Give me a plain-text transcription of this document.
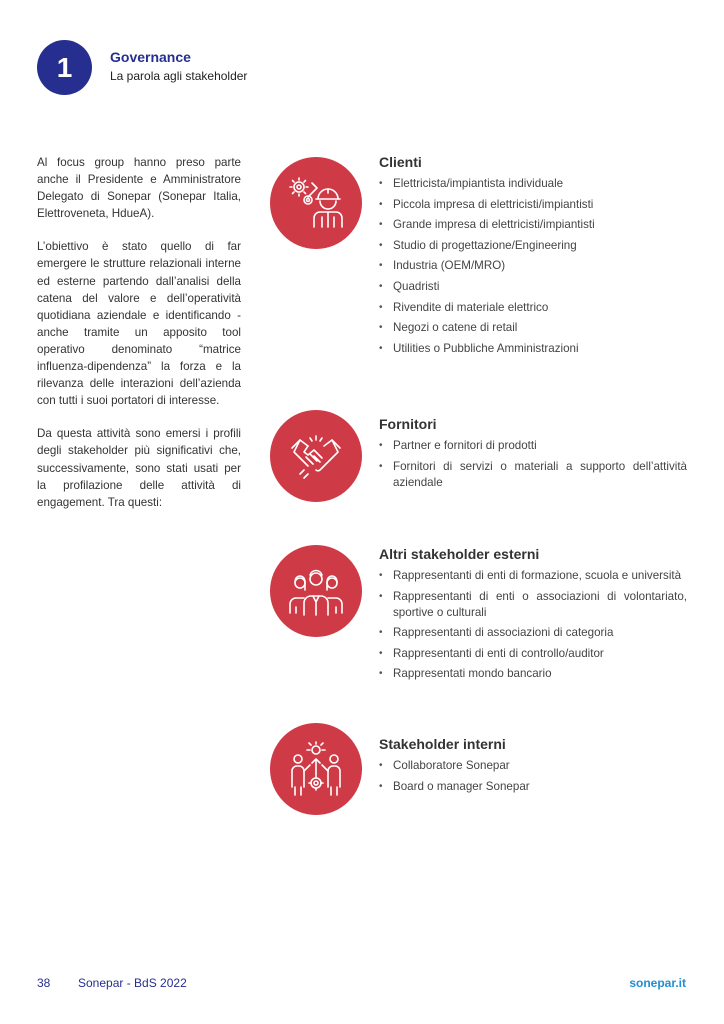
1	Governance
La parola agli stakeholder

Al focus group hanno preso parte anche il Presidente e Amministratore Delegato di Sonepar (Sonepar Italia, Elettroveneta, HdueA).

L’obiettivo è stato quello di far emergere le strutture relazionali interne ed esterne partendo dall’analisi della catena del valore e dell’operatività quotidiana aziendale e identificando - anche tramite un apposito tool operativo denominato “matrice influenza-dipendenza” la forza e la rilevanza delle interazioni dell’azienda con tutti i suoi portatori di interesse.

Da questa attività sono emersi i profili degli stakeholder più significativi che, successivamente, sono stati usati per la profilazione delle attività di engagement. Tra questi:

Clienti
• Elettricista/impiantista individuale
• Piccola impresa di elettricisti/impiantisti
• Grande impresa di elettricisti/impiantisti
• Studio di progettazione/Engineering
• Industria (OEM/MRO)
• Quadristi
• Rivendite di materiale elettrico
• Negozi o catene di retail
• Utilities o Pubbliche Amministrazioni
Fornitori
• Partner e fornitori di prodotti
• Fornitori di servizi o materiali a supporto dell’attività aziendale
Altri stakeholder esterni
• Rappresentanti di enti di formazione, scuola e università
• Rappresentanti di enti o associazioni di volontariato, sportive o culturali
• Rappresentanti di associazioni di categoria
• Rappresentanti di enti di controllo/auditor
• Rappresentati mondo bancario
Stakeholder interni
• Collaboratore Sonepar
• Board o manager Sonepar
38 Sonepar - BdS 2022	sonepar.it
